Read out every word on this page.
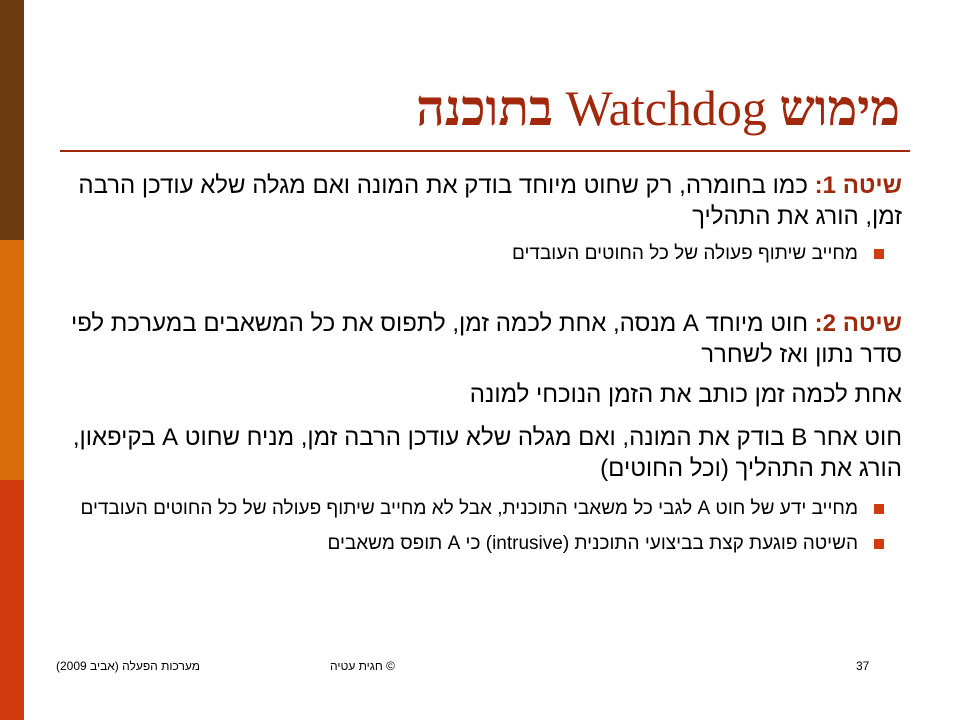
מימוש Watchdog בתוכנה

שיטה 1: כמו בחומרה, רק שחוט מיוחד בודק את המונה ואם מגלה שלא עודכן הרבה זמן, הורג את התהליך

מחייב שיתוף פעולה של כל החוטים העובדים

שיטה 2: חוט מיוחד A מנסה, אחת לכמה זמן, לתפוס את כל המשאבים במערכת לפי סדר נתון ואז לשחרר

אחת לכמה זמן כותב את הזמן הנוכחי למונה

חוט אחר B בודק את המונה, ואם מגלה שלא עודכן הרבה זמן, מניח שחוט A בקיפאון, הורג את התהליך (וכל החוטים)

מחייב ידע של חוט A לגבי כל משאבי התוכנית, אבל לא מחייב שיתוף פעולה של כל החוטים העובדים

השיטה פוגעת קצת בביצועי התוכנית (intrusive) כי A תופס משאבים

37
© חגית עטיה
מערכות הפעלה (אביב 2009)
